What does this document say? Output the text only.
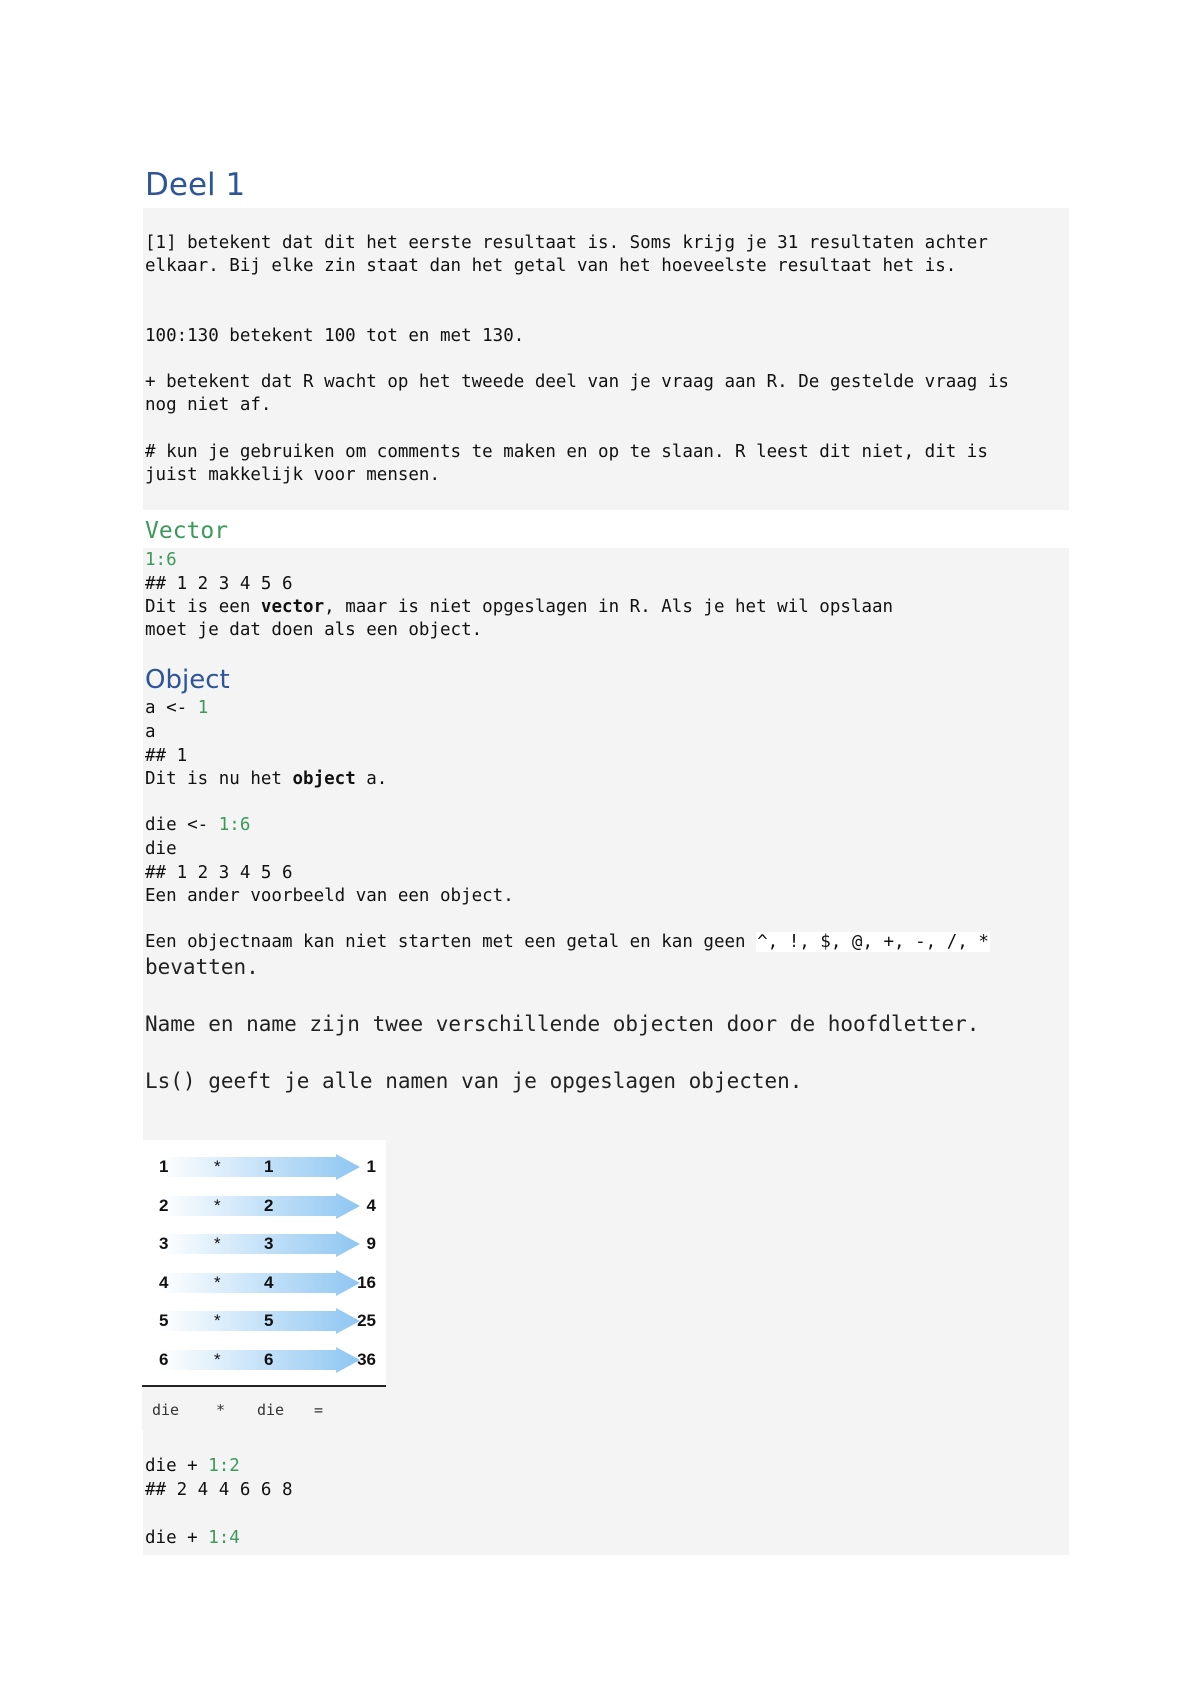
Deel 1
[1] betekent dat dit het eerste resultaat is. Soms krijg je 31 resultaten achter elkaar. Bij elke zin staat dan het getal van het hoeveelste resultaat het is.
100:130 betekent 100 tot en met 130.
+ betekent dat R wacht op het tweede deel van je vraag aan R. De gestelde vraag is nog niet af.
# kun je gebruiken om comments te maken en op te slaan. R leest dit niet, dit is juist makkelijk voor mensen.
Vector
1:6
## 1 2 3 4 5 6
Dit is een vector, maar is niet opgeslagen in R. Als je het wil opslaan
moet je dat doen als een object.
Object
a <- 1
a
## 1
Dit is nu het object a.
die <- 1:6
die
## 1 2 3 4 5 6
Een ander voorbeeld van een object.
Een objectnaam kan niet starten met een getal en kan geen ^, !, $, @, +, -, /, *
bevatten.
Name en name zijn twee verschillende objecten door de hoofdletter.
Ls() geeft je alle namen van je opgeslagen objecten.
1	*	1	1
2	*	2	4
3	*	3	9
4	*	4	16
5	*	5	25
6	*	6	36
die * die =
die + 1:2
## 2 4 4 6 6 8
die + 1:4
